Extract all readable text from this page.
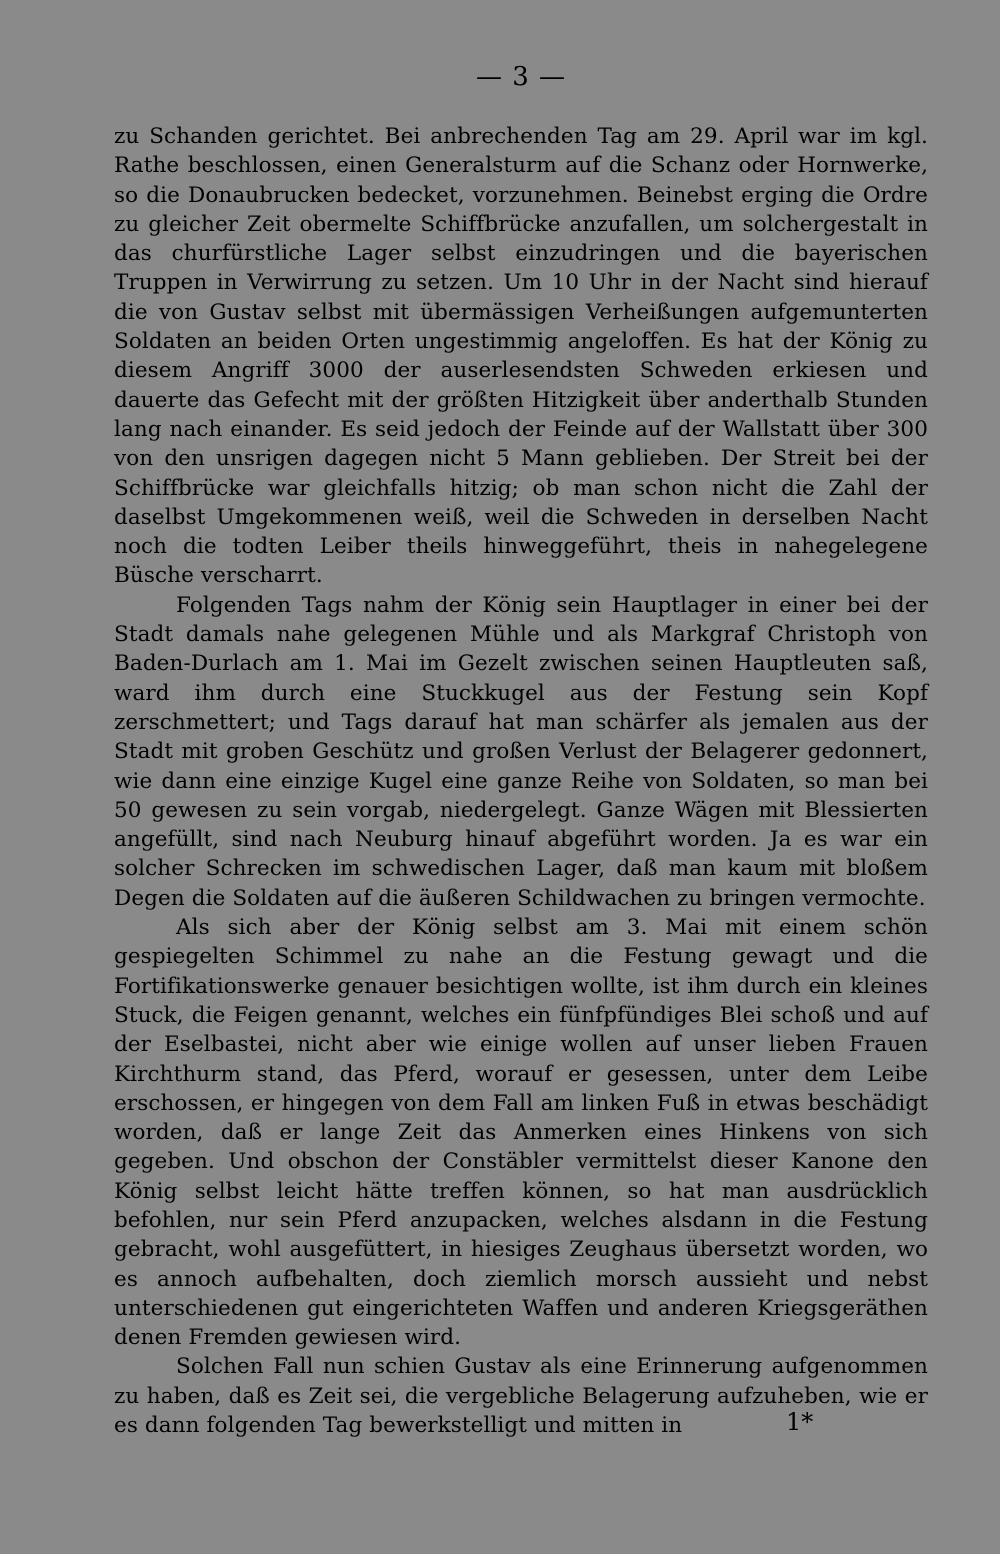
— 3 —

zu Schanden gerichtet. Bei anbrechenden Tag am 29. April war im kgl. Rathe beschlossen, einen Generalsturm auf die Schanz oder Hornwerke, so die Donaubrucken bedecket, vorzunehmen. Beinebst erging die Ordre zu gleicher Zeit obermelte Schiffbrücke anzufallen, um solchergestalt in das churfürstliche Lager selbst einzudringen und die bayerischen Truppen in Verwirrung zu setzen. Um 10 Uhr in der Nacht sind hierauf die von Gustav selbst mit übermässigen Verheißungen aufgemunterten Soldaten an beiden Orten ungestimmig angeloffen. Es hat der König zu diesem Angriff 3000 der auserlesendsten Schweden erkiesen und dauerte das Gefecht mit der größten Hitzigkeit über anderthalb Stunden lang nach einander. Es seid jedoch der Feinde auf der Wallstatt über 300 von den unsrigen dagegen nicht 5 Mann geblieben. Der Streit bei der Schiffbrücke war gleichfalls hitzig; ob man schon nicht die Zahl der daselbst Umgekommenen weiß, weil die Schweden in derselben Nacht noch die todten Leiber theils hinweggeführt, theis in nahegelegene Büsche verscharrt.

Folgenden Tags nahm der König sein Hauptlager in einer bei der Stadt damals nahe gelegenen Mühle und als Markgraf Christoph von Baden-Durlach am 1. Mai im Gezelt zwischen seinen Hauptleuten saß, ward ihm durch eine Stuckkugel aus der Festung sein Kopf zerschmettert; und Tags darauf hat man schärfer als jemalen aus der Stadt mit groben Geschütz und großen Verlust der Belagerer gedonnert, wie dann eine einzige Kugel eine ganze Reihe von Soldaten, so man bei 50 gewesen zu sein vorgab, niedergelegt. Ganze Wägen mit Blessierten angefüllt, sind nach Neuburg hinauf abgeführt worden. Ja es war ein solcher Schrecken im schwedischen Lager, daß man kaum mit bloßem Degen die Soldaten auf die äußeren Schildwachen zu bringen vermochte.

Als sich aber der König selbst am 3. Mai mit einem schön gespiegelten Schimmel zu nahe an die Festung gewagt und die Fortifikationswerke genauer besichtigen wollte, ist ihm durch ein kleines Stuck, die Feigen genannt, welches ein fünfpfündiges Blei schoß und auf der Eselbastei, nicht aber wie einige wollen auf unser lieben Frauen Kirchthurm stand, das Pferd, worauf er gesessen, unter dem Leibe erschossen, er hingegen von dem Fall am linken Fuß in etwas beschädigt worden, daß er lange Zeit das Anmerken eines Hinkens von sich gegeben. Und obschon der Constäbler vermittelst dieser Kanone den König selbst leicht hätte treffen können, so hat man ausdrücklich befohlen, nur sein Pferd anzupacken, welches alsdann in die Festung gebracht, wohl ausgefüttert, in hiesiges Zeughaus übersetzt worden, wo es annoch aufbehalten, doch ziemlich morsch aussieht und nebst unterschiedenen gut eingerichteten Waffen und anderen Kriegsgeräthen denen Fremden gewiesen wird.

Solchen Fall nun schien Gustav als eine Erinnerung aufgenommen zu haben, daß es Zeit sei, die vergebliche Belagerung aufzuheben, wie er es dann folgenden Tag bewerkstelligt und mitten in	1*
